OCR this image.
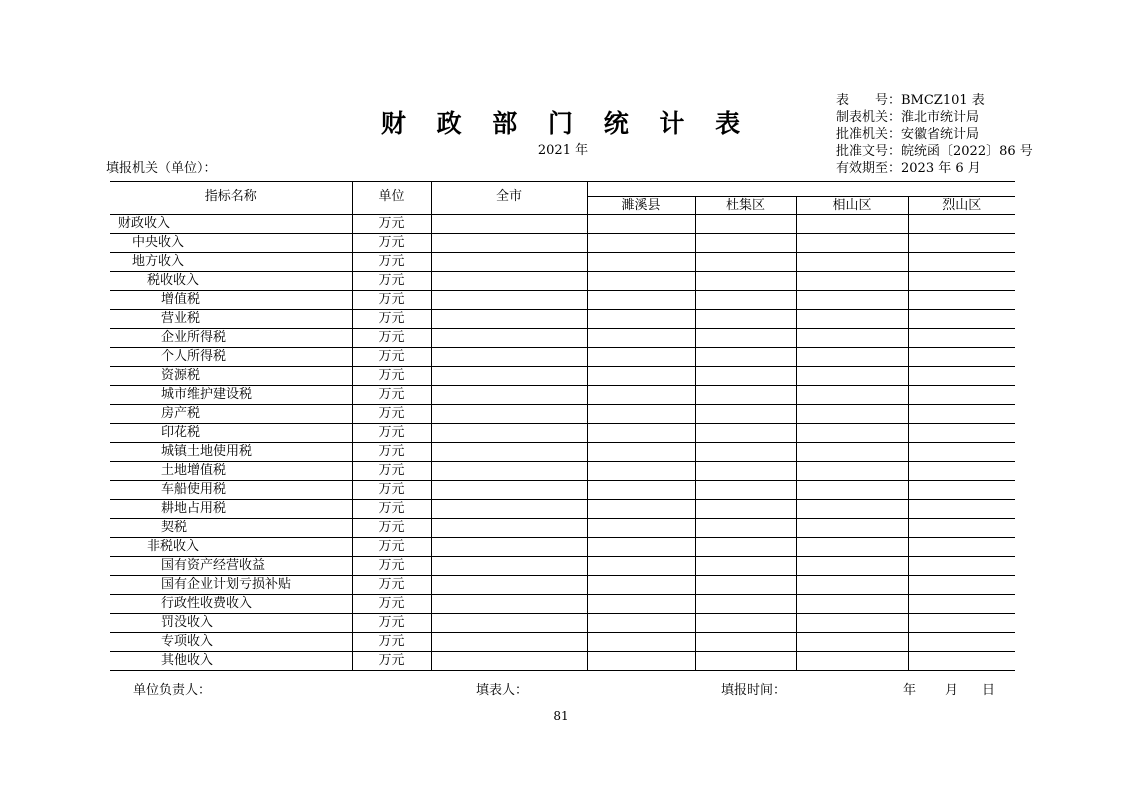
财 政 部 门 统 计 表
2021 年
填报机关（单位）：
表　　号：BMCZ101 表
制表机关：淮北市统计局
批准机关：安徽省统计局
批准文号：皖统函〔2022〕86 号
有效期至：2023 年 6 月
指标名称	单位	全市				
			濉溪县	杜集区	相山区	烈山区
财政收入	万元					
中央收入	万元					
地方收入	万元					
税收收入	万元					
增值税	万元					
营业税	万元					
企业所得税	万元					
个人所得税	万元					
资源税	万元					
城市维护建设税	万元					
房产税	万元					
印花税	万元					
城镇土地使用税	万元					
土地增值税	万元					
车船使用税	万元					
耕地占用税	万元					
契税	万元					
非税收入	万元					
国有资产经营收益	万元					
国有企业计划亏损补贴	万元					
行政性收费收入	万元					
罚没收入	万元					
专项收入	万元					
其他收入	万元					
单位负责人：	填表人：	填报时间：	年 月 日
81
